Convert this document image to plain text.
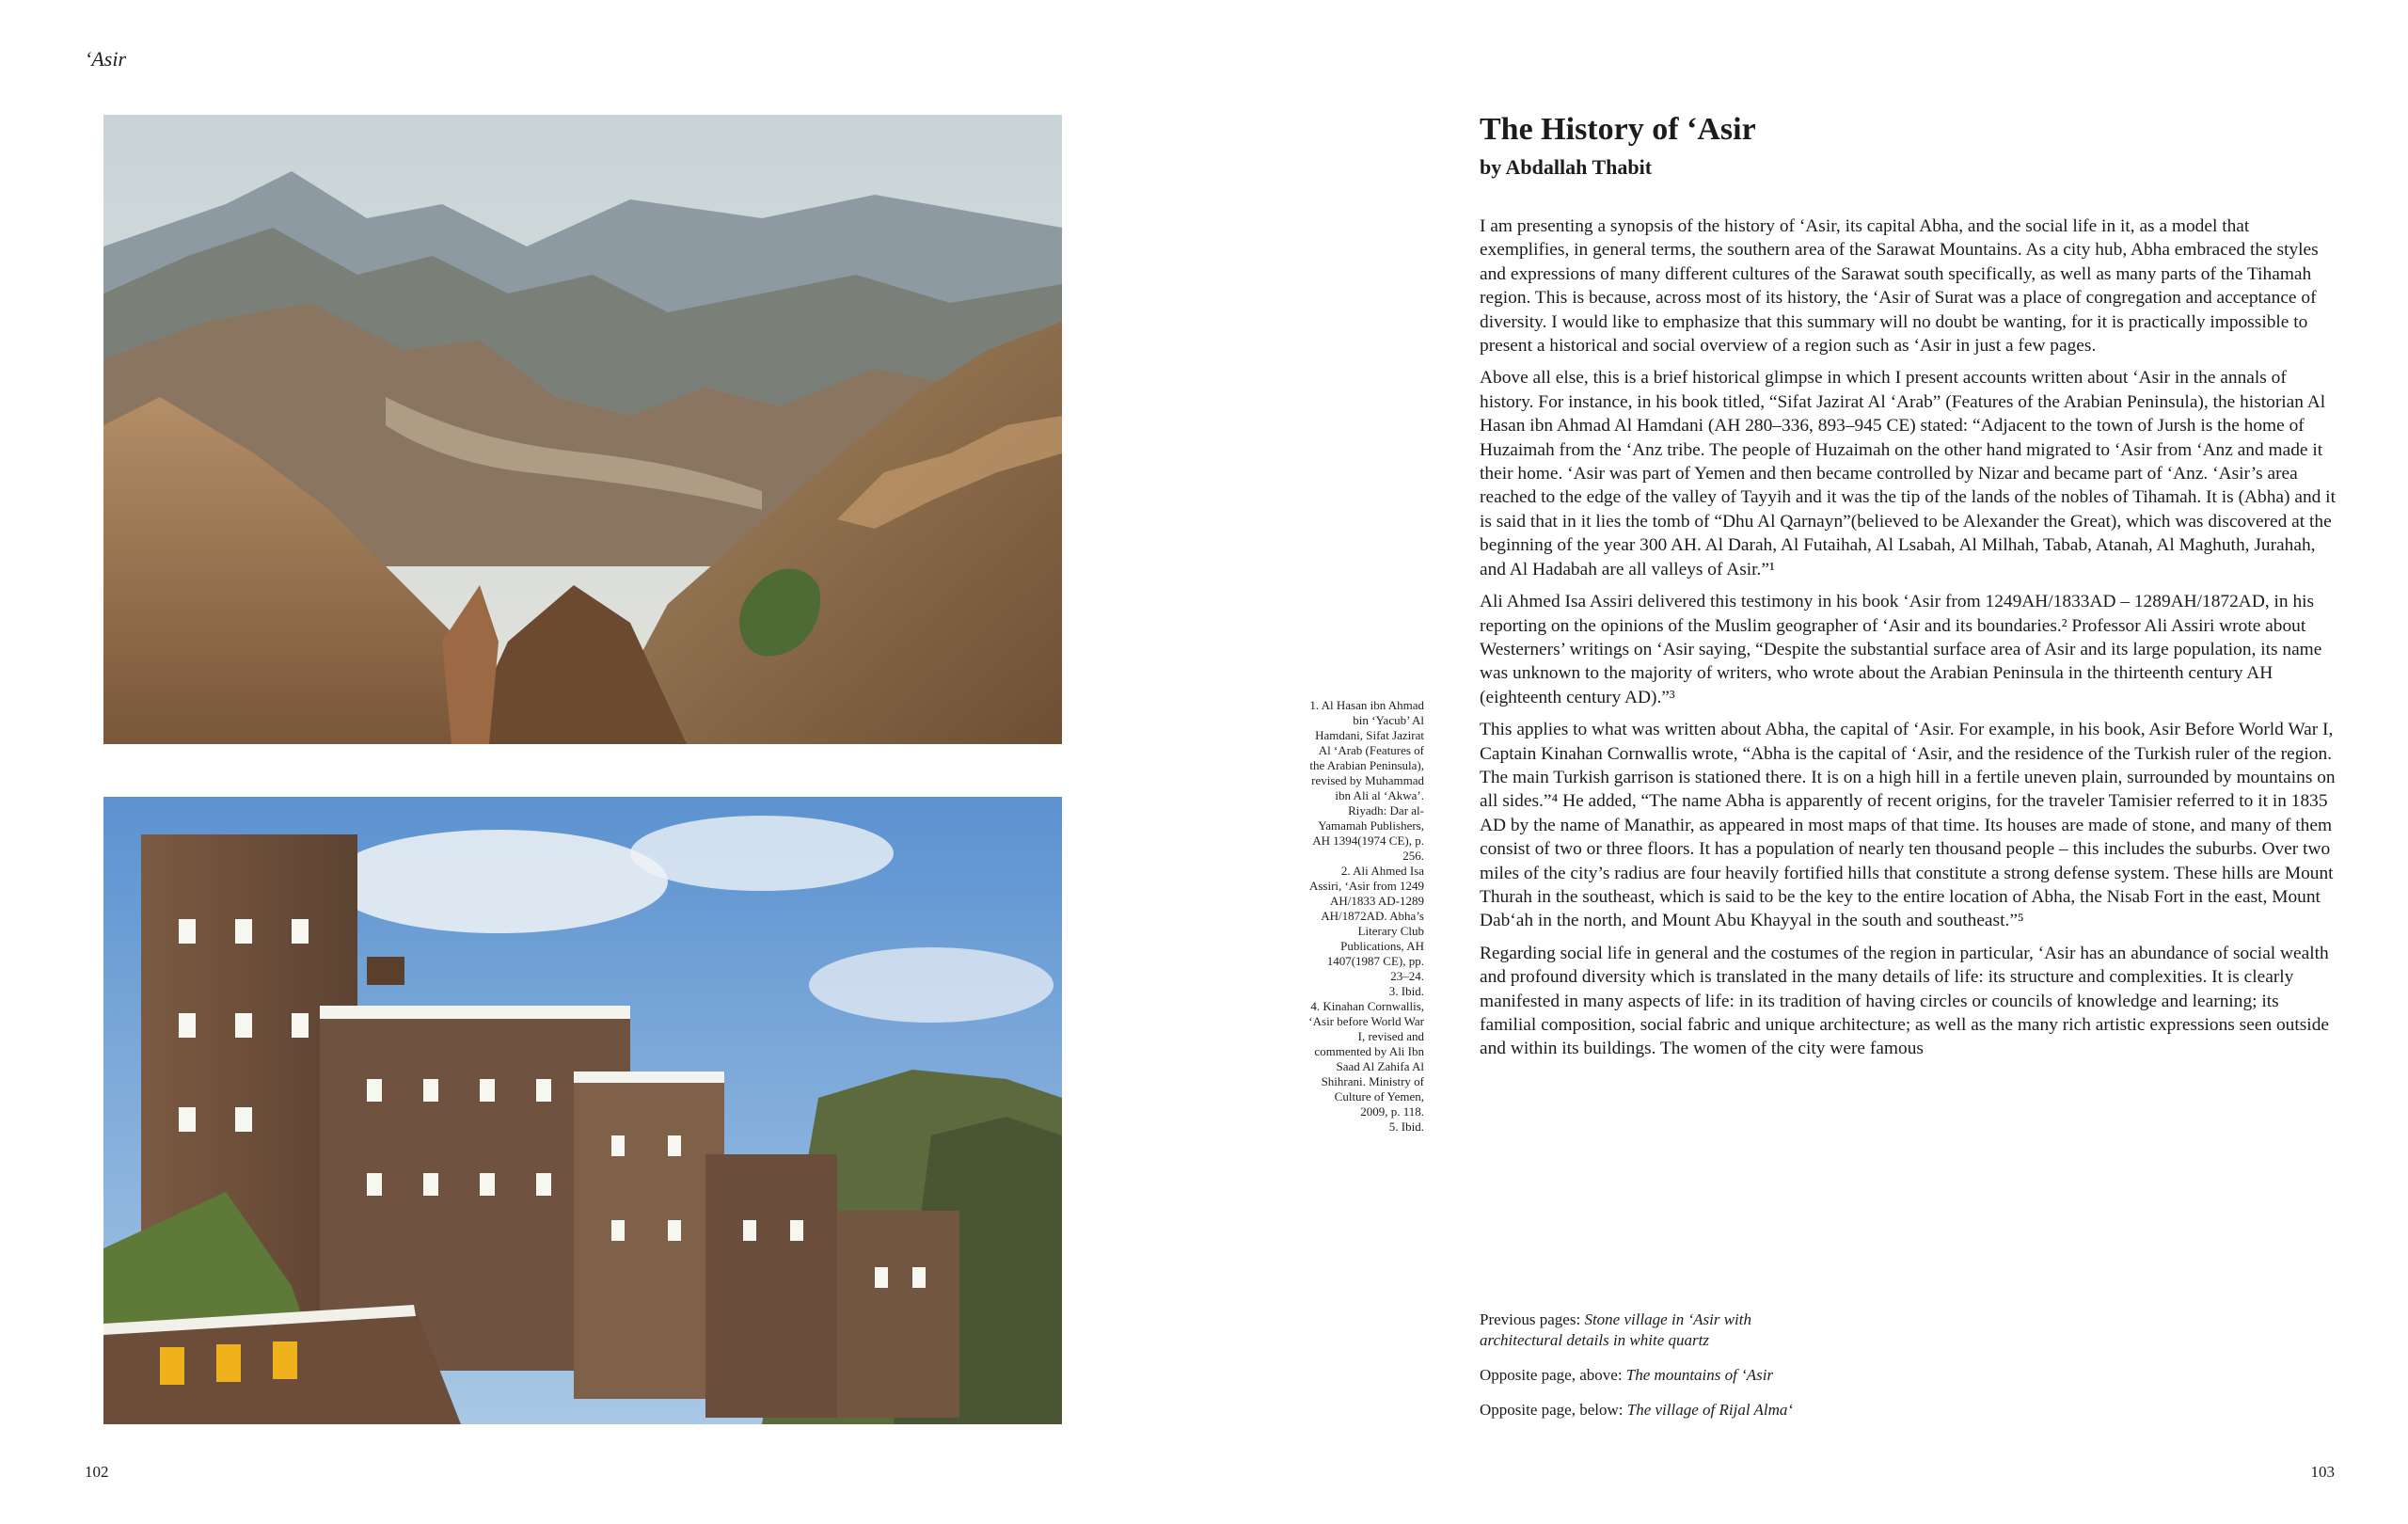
‘Asir

1. Al Hasan ibn Ahmad bin ‘Yacub’ Al Hamdani, Sifat Jazirat Al ‘Arab (Features of the Arabian Peninsula), revised by Muhammad ibn Ali al ‘Akwa’. Riyadh: Dar al-Yamamah Publishers, AH 1394(1974 CE), p. 256.

2. Ali Ahmed Isa Assiri, ‘Asir from 1249 AH/1833 AD-1289 AH/1872AD. Abha’s Literary Club Publications, AH 1407(1987 CE), pp. 23–24.

3. Ibid.

4. Kinahan Cornwallis, ‘Asir before World War I, revised and commented by Ali Ibn Saad Al Zahifa Al Shihrani. Ministry of Culture of Yemen, 2009, p. 118.

5. Ibid.

The History of ‘Asir

by Abdallah Thabit

I am presenting a synopsis of the history of ‘Asir, its capital Abha, and the social life in it, as a model that exemplifies, in general terms, the southern area of the Sarawat Mountains. As a city hub, Abha embraced the styles and expressions of many different cultures of the Sarawat south specifically, as well as many parts of the Tihamah region. This is because, across most of its history, the ‘Asir of Surat was a place of congregation and acceptance of diversity. I would like to emphasize that this summary will no doubt be wanting, for it is practically impossible to present a historical and social overview of a region such as ‘Asir in just a few pages.

Above all else, this is a brief historical glimpse in which I present accounts written about ‘Asir in the annals of history. For instance, in his book titled, “Sifat Jazirat Al ‘Arab” (Features of the Arabian Peninsula), the historian Al Hasan ibn Ahmad Al Hamdani (AH 280–336, 893–945 CE) stated: “Adjacent to the town of Jursh is the home of Huzaimah from the ‘Anz tribe. The people of Huzaimah on the other hand migrated to ‘Asir from ‘Anz and made it their home. ‘Asir was part of Yemen and then became controlled by Nizar and became part of ‘Anz. ‘Asir’s area reached to the edge of the valley of Tayyih and it was the tip of the lands of the nobles of Tihamah. It is (Abha) and it is said that in it lies the tomb of “Dhu Al Qarnayn”(believed to be Alexander the Great), which was discovered at the beginning of the year 300 AH. Al Darah, Al Futaihah, Al Lsabah, Al Milhah, Tabab, Atanah, Al Maghuth, Jurahah, and Al Hadabah are all valleys of Asir.”¹

Ali Ahmed Isa Assiri delivered this testimony in his book ‘Asir from 1249AH/1833AD – 1289AH/1872AD, in his reporting on the opinions of the Muslim geographer of ‘Asir and its boundaries.² Professor Ali Assiri wrote about Westerners’ writings on ‘Asir saying, “Despite the substantial surface area of Asir and its large population, its name was unknown to the majority of writers, who wrote about the Arabian Peninsula in the thirteenth century AH (eighteenth century AD).”³

This applies to what was written about Abha, the capital of ‘Asir. For example, in his book, Asir Before World War I, Captain Kinahan Cornwallis wrote, “Abha is the capital of ‘Asir, and the residence of the Turkish ruler of the region. The main Turkish garrison is stationed there. It is on a high hill in a fertile uneven plain, surrounded by mountains on all sides.”⁴ He added, “The name Abha is apparently of recent origins, for the traveler Tamisier referred to it in 1835 AD by the name of Manathir, as appeared in most maps of that time. Its houses are made of stone, and many of them consist of two or three floors. It has a population of nearly ten thousand people – this includes the suburbs. Over two miles of the city’s radius are four heavily fortified hills that constitute a strong defense system. These hills are Mount Thurah in the southeast, which is said to be the key to the entire location of Abha, the Nisab Fort in the east, Mount Dab‘ah in the north, and Mount Abu Khayyal in the south and southeast.”⁵

Regarding social life in general and the costumes of the region in particular, ‘Asir has an abundance of social wealth and profound diversity which is translated in the many details of life: its structure and complexities. It is clearly manifested in many aspects of life: in its tradition of having circles or councils of knowledge and learning; its familial composition, social fabric and unique architecture; as well as the many rich artistic expressions seen outside and within its buildings. The women of the city were famous

Previous pages: Stone village in ‘Asir with architectural details in white quartz

Opposite page, above: The mountains of ‘Asir

Opposite page, below: The village of Rijal Alma‘

102	103
